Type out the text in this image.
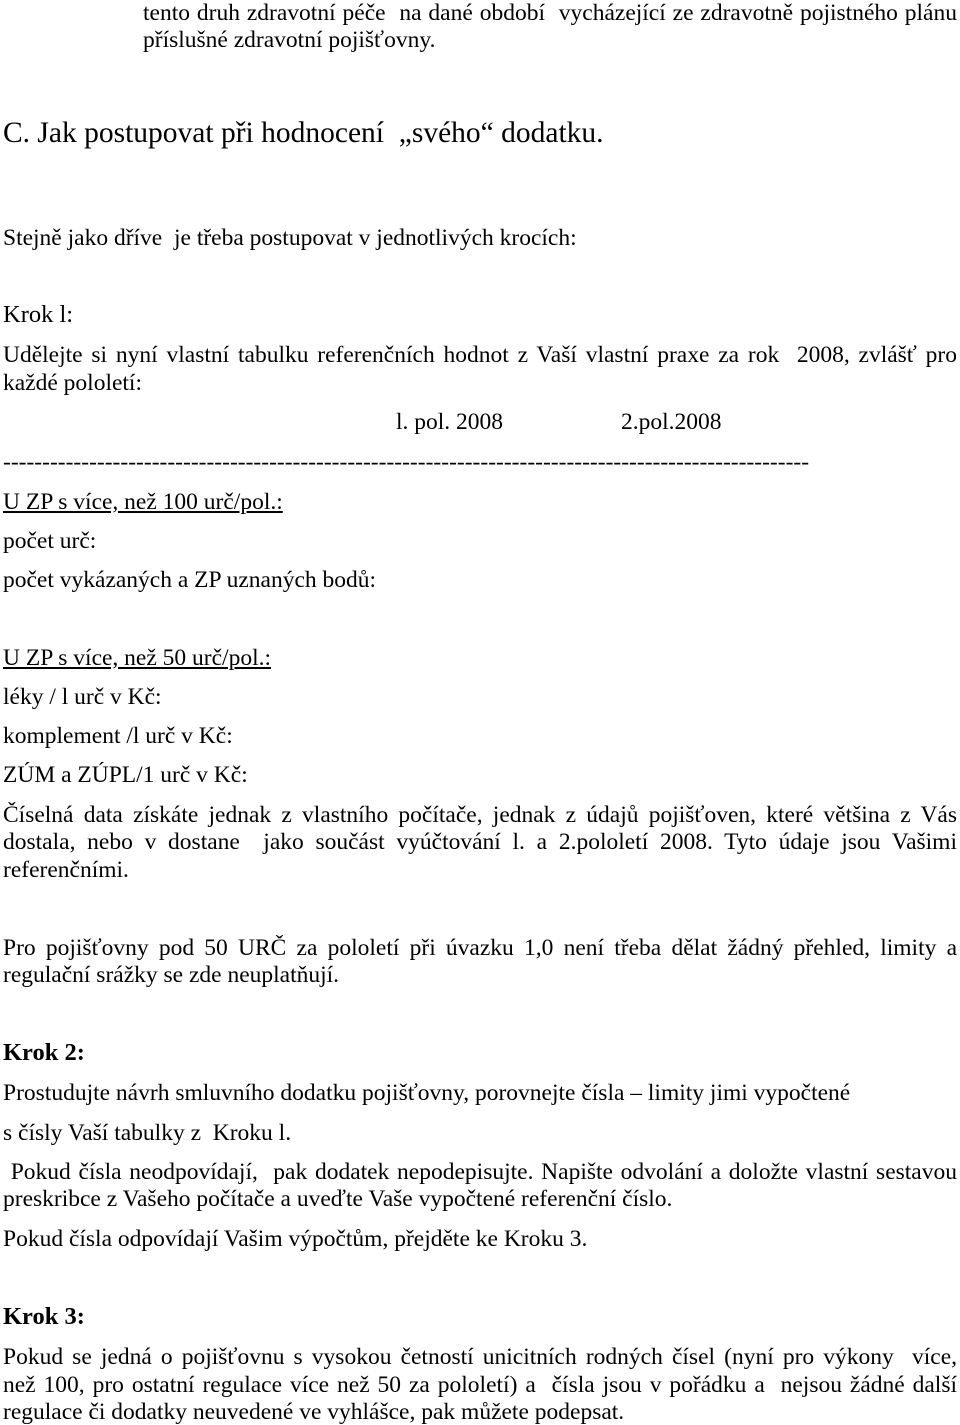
tento druh zdravotní péče  na dané období  vycházející ze zdravotně pojistného plánu
příslušné zdravotní pojišťovny.
C. Jak postupovat při hodnocení  „svého“ dodatku.
Stejně jako dříve  je třeba postupovat v jednotlivých krocích:
Krok l:
Udělejte si nyní vlastní tabulku referenčních hodnot z Vaší vlastní praxe za rok  2008, zvlášť pro
každé pololetí:
l. pol. 2008	2.pol.2008
-------------------------------------------------------------------------------------------------------
U ZP s více, než 100 urč/pol.:
počet urč:
počet vykázaných a ZP uznaných bodů:
U ZP s více, než 50 urč/pol.:
léky / l urč v Kč:
komplement /l urč v Kč:
ZÚM a ZÚPL/1 urč v Kč:
Číselná data získáte jednak z vlastního počítače, jednak z údajů pojišťoven, které většina z Vás
dostala, nebo v dostane  jako součást vyúčtování l. a 2.pololetí 2008. Tyto údaje jsou Vašimi
referenčními.
Pro pojišťovny pod 50 URČ za pololetí při úvazku 1,0 není třeba dělat žádný přehled, limity a
regulační srážky se zde neuplatňují.
Krok 2:
Prostudujte návrh smluvního dodatku pojišťovny, porovnejte čísla – limity jimi vypočtené
s čísly Vaší tabulky z  Kroku l.
Pokud čísla neodpovídají,  pak dodatek nepodepisujte. Napište odvolání a doložte vlastní sestavou
preskribce z Vašeho počítače a uveďte Vaše vypočtené referenční číslo.
Pokud čísla odpovídají Vašim výpočtům, přejděte ke Kroku 3.
Krok 3:
Pokud se jedná o pojišťovnu s vysokou četností unicitních rodných čísel (nyní pro výkony  více,
než 100, pro ostatní regulace více než 50 za pololetí) a  čísla jsou v pořádku a  nejsou žádné další
regulace či dodatky neuvedené ve vyhlášce, pak můžete podepsat.
